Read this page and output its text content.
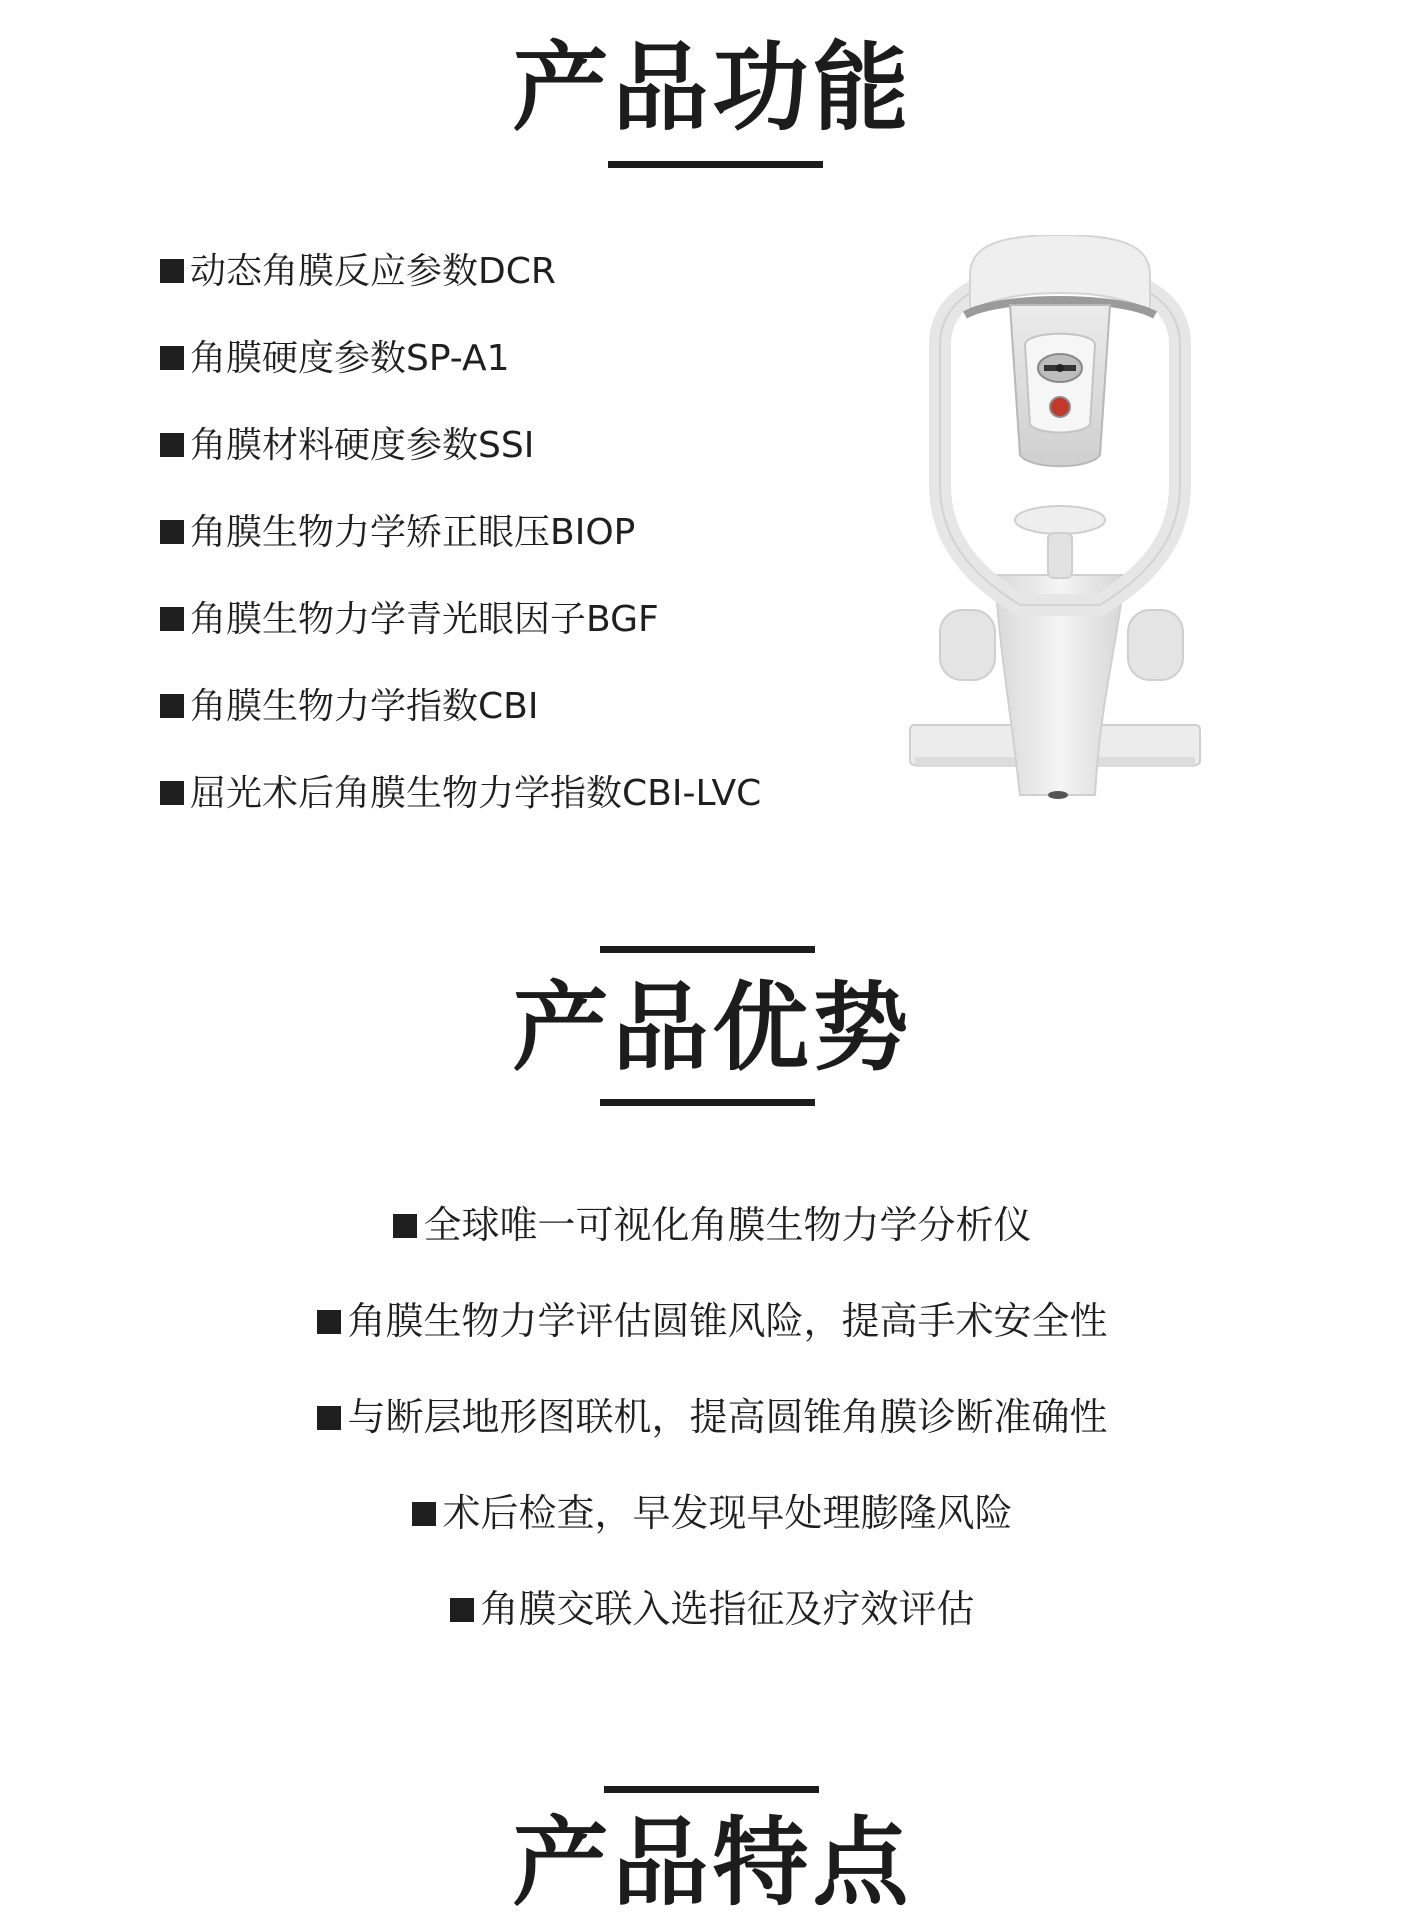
产品功能
动态角膜反应参数DCR
角膜硬度参数SP-A1
角膜材料硬度参数SSI
角膜生物力学矫正眼压BIOP
角膜生物力学青光眼因子BGF
角膜生物力学指数CBI
屈光术后角膜生物力学指数CBI-LVC
产品优势
全球唯一可视化角膜生物力学分析仪
角膜生物力学评估圆锥风险，提高手术安全性
与断层地形图联机，提高圆锥角膜诊断准确性
术后检查，早发现早处理膨隆风险
角膜交联入选指征及疗效评估
产品特点
